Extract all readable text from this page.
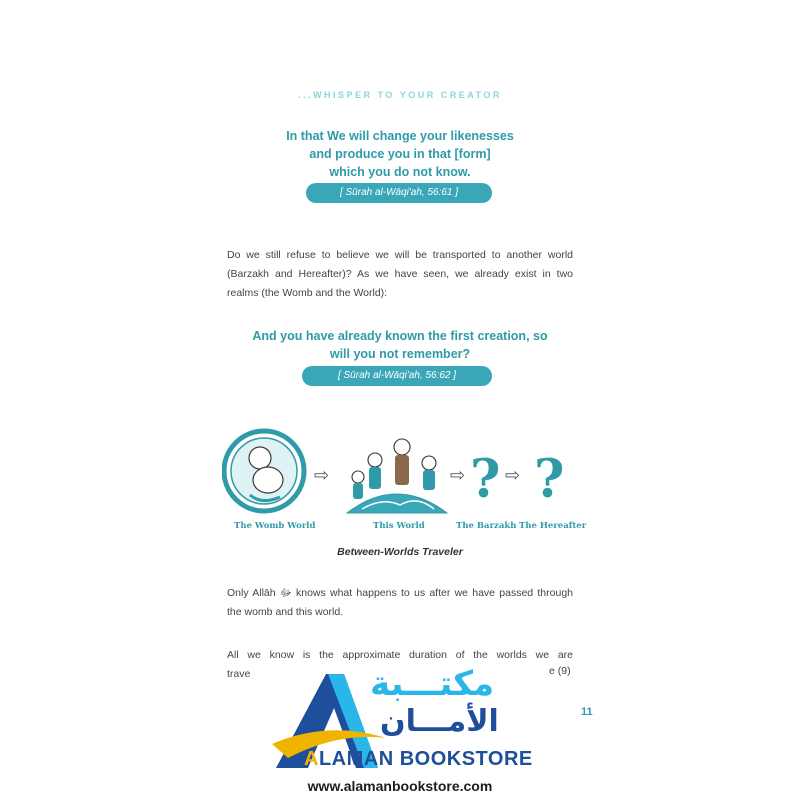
...WHISPER TO YOUR CREATOR
In that We will change your likenesses
and produce you in that [form]
which you do not know.
[ Sūrah al-Wāqi'ah, 56:61 ]
Do we still refuse to believe we will be transported to another world (Barzakh and Hereafter)? As we have seen, we already exist in two realms (the Womb and the World):
And you have already known the first creation, so
will you not remember?
[ Sūrah al-Wāqi'ah, 56:62 ]
⇨	⇨ ? ⇨ ?
The Womb World	This World	The Barzakh The Hereafter
Between-Worlds Traveler
Only Allāh ﷻ knows what happens to us after we have passed through the womb and this world.
All we know is the approximate duration of the worlds we are
trave	e (9)
11
مكتـــبة
الأمـــان
ALAMAN BOOKSTORE
www.alamanbookstore.com
